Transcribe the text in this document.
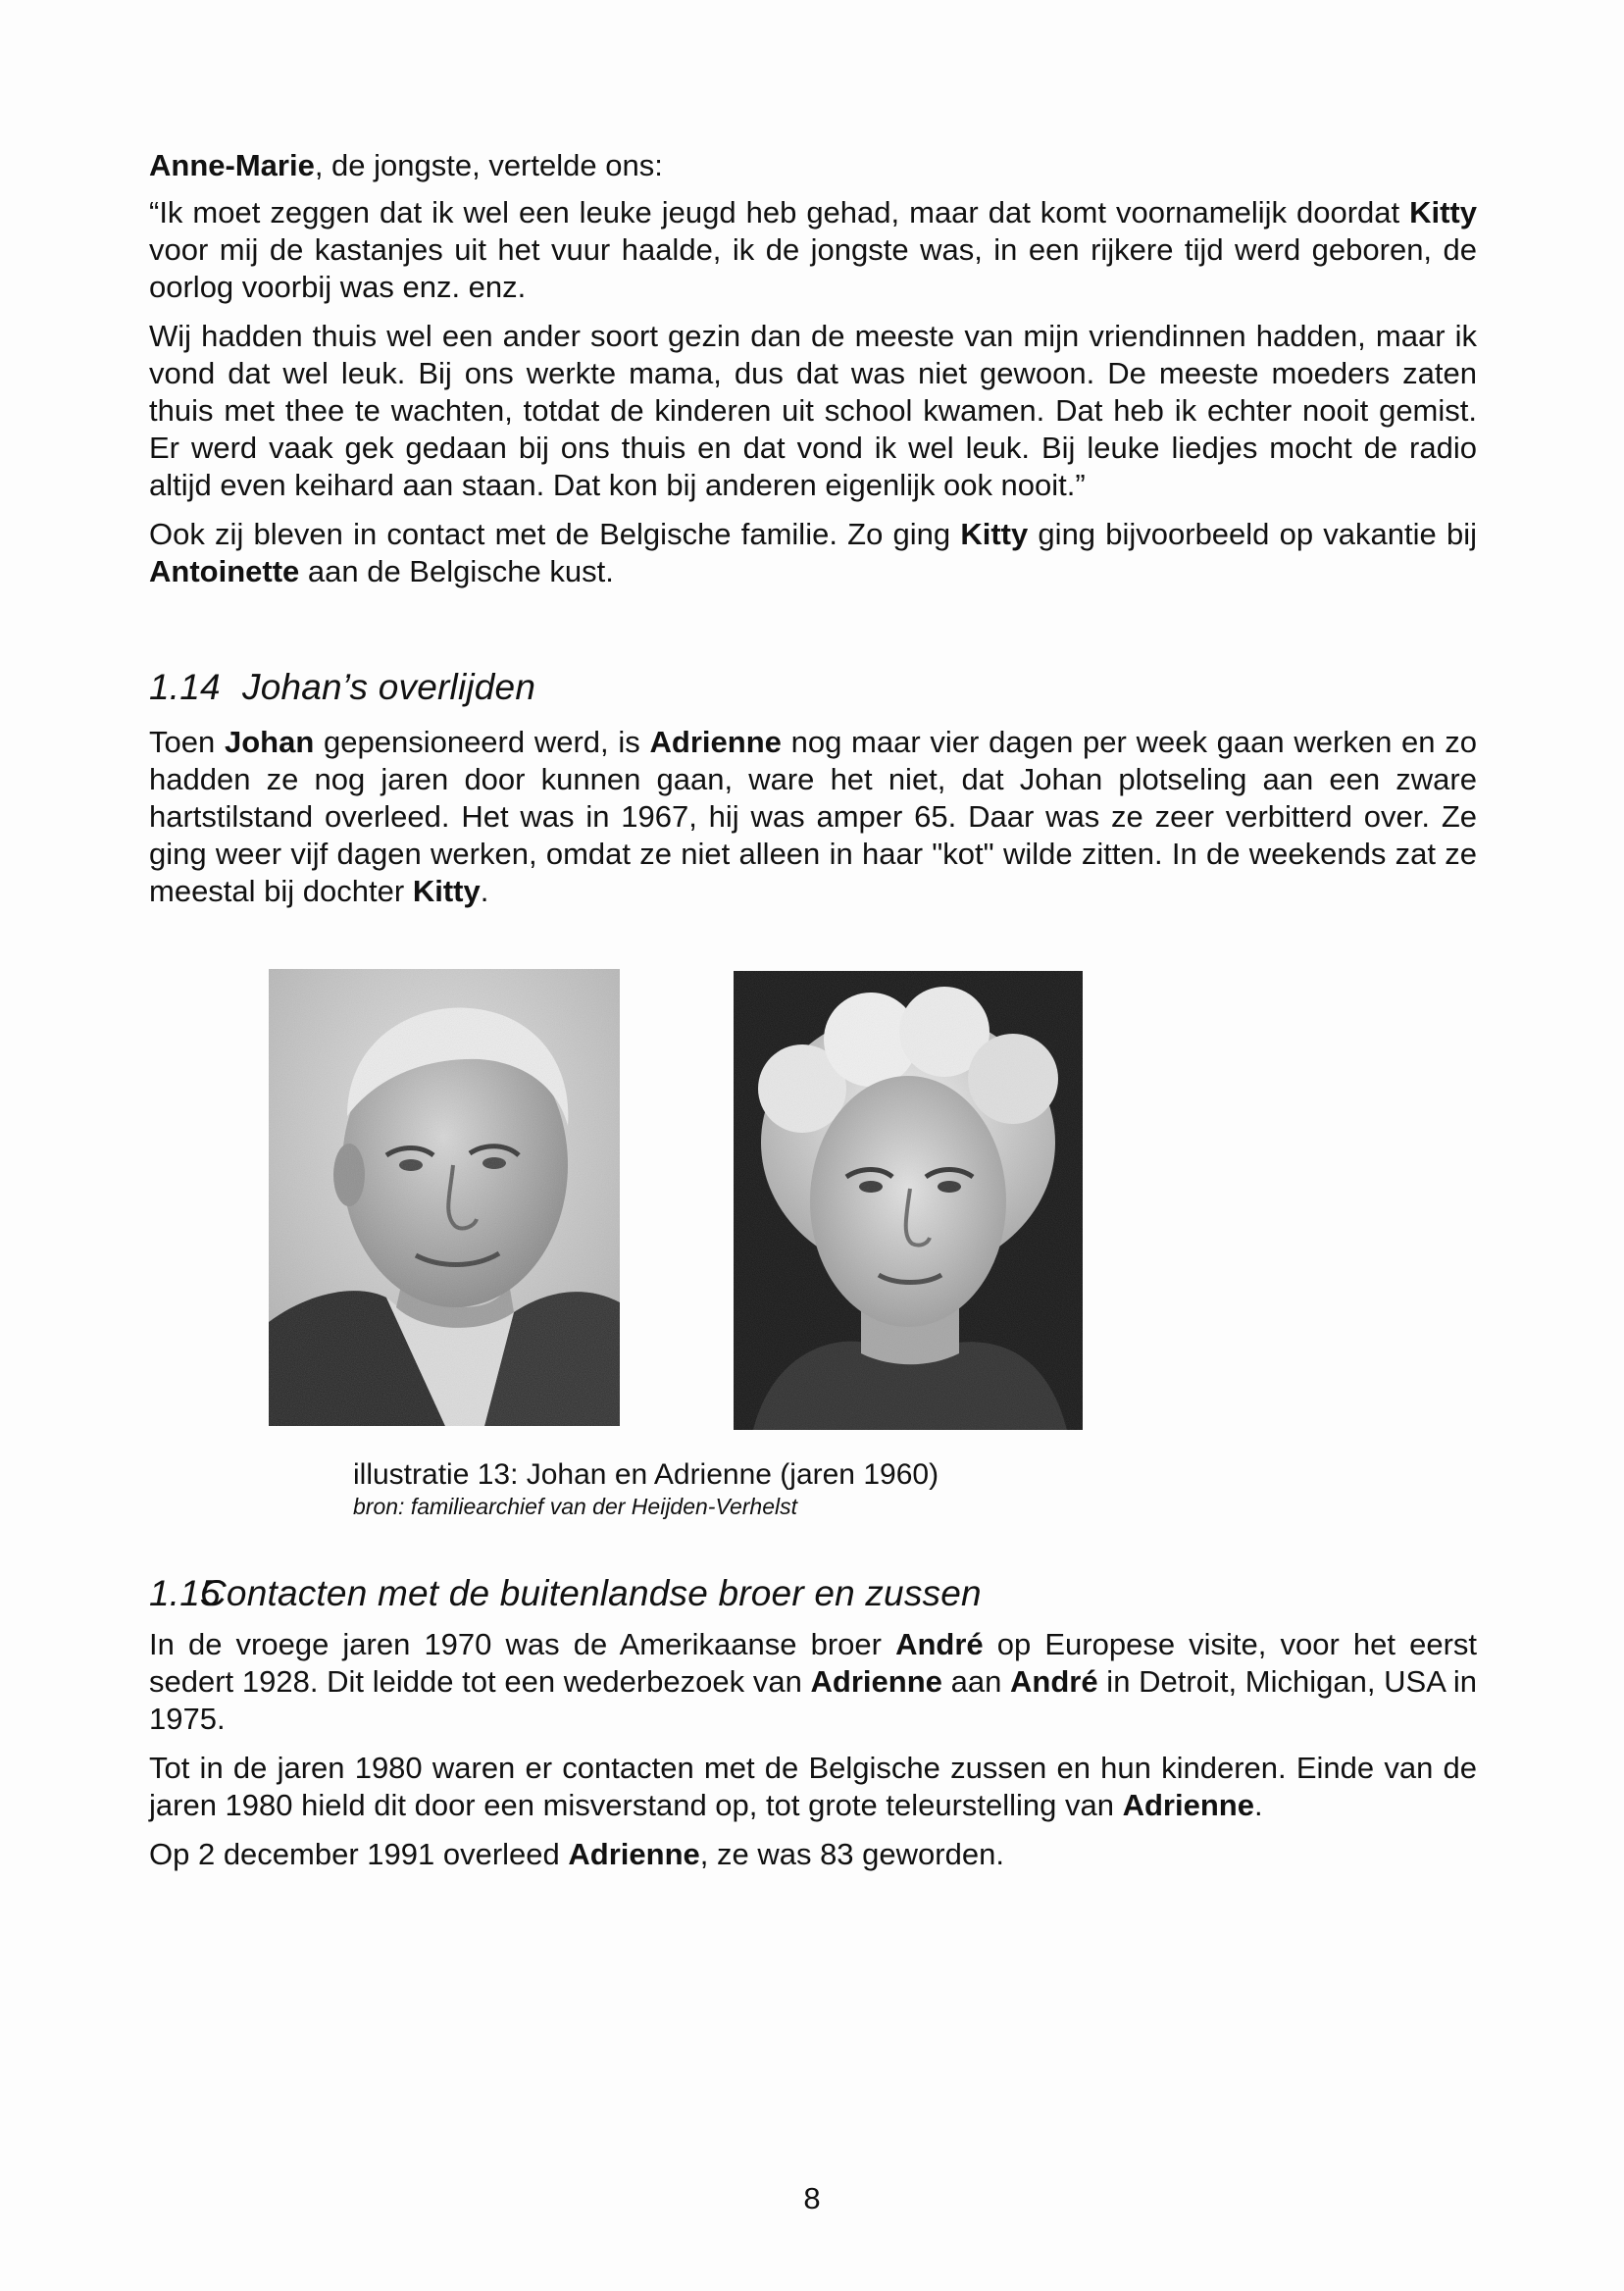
Anne-Marie, de jongste, vertelde ons:

“Ik moet zeggen dat ik wel een leuke jeugd heb gehad, maar dat komt voornamelijk doordat Kitty voor mij de kastanjes uit het vuur haalde, ik de jongste was, in een rijkere tijd werd geboren, de oorlog voorbij was enz. enz.

Wij hadden thuis wel een ander soort gezin dan de meeste van mijn vriendinnen hadden, maar ik vond dat wel leuk. Bij ons werkte mama, dus dat was niet gewoon. De meeste moeders zaten thuis met thee te wachten, totdat de kinderen uit school kwamen. Dat heb ik echter nooit gemist. Er werd vaak gek gedaan bij ons thuis en dat vond ik wel leuk. Bij leuke liedjes mocht de radio altijd even keihard aan staan. Dat kon bij anderen eigenlijk ook nooit.”

Ook zij bleven in contact met de Belgische familie. Zo ging Kitty ging bijvoorbeeld op vakantie bij Antoinette aan de Belgische kust.

1.14 Johan’s overlijden

Toen Johan gepensioneerd werd, is Adrienne nog maar vier dagen per week gaan werken en zo hadden ze nog jaren door kunnen gaan, ware het niet, dat Johan plotseling aan een zware hartstilstand overleed. Het was in 1967, hij was amper 65. Daar was ze zeer verbitterd over. Ze ging weer vijf dagen werken, omdat ze niet alleen in haar "kot" wilde zitten. In de weekends zat ze meestal bij dochter Kitty.

illustratie 13: Johan en Adrienne (jaren 1960)
bron: familiearchief van der Heijden-Verhelst
1.15Contacten met de buitenlandse broer en zussen

In de vroege jaren 1970 was de Amerikaanse broer André op Europese visite, voor het eerst sedert 1928. Dit leidde tot een wederbezoek van Adrienne aan André in Detroit, Michigan, USA in 1975.

Tot in de jaren 1980 waren er contacten met de Belgische zussen en hun kinderen. Einde van de jaren 1980 hield dit door een misverstand op, tot grote teleurstelling van Adrienne.

Op 2 december 1991 overleed Adrienne, ze was 83 geworden.

8
